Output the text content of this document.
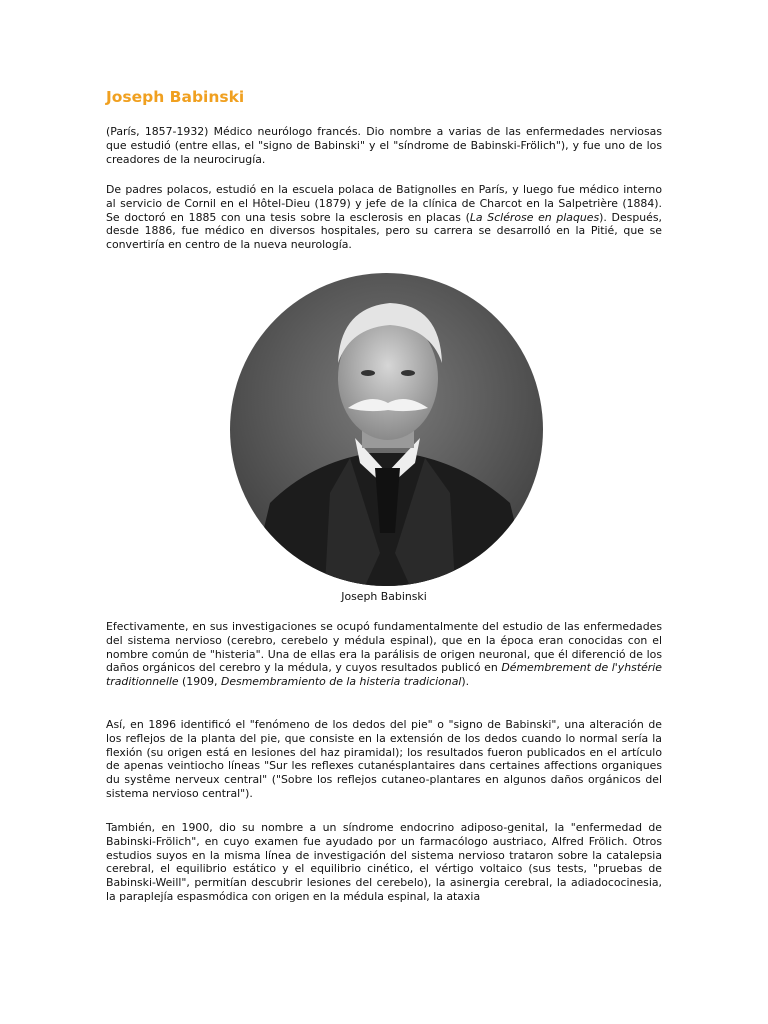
Joseph Babinski

(París, 1857-1932) Médico neurólogo francés. Dio nombre a varias de las enfermedades nerviosas que estudió (entre ellas, el "signo de Babinski" y el "síndrome de Babinski-Frölich"), y fue uno de los creadores de la neurocirugía.

De padres polacos, estudió en la escuela polaca de Batignolles en París, y luego fue médico interno al servicio de Cornil en el Hôtel-Dieu (1879) y jefe de la clínica de Charcot en la Salpetrière (1884). Se doctoró en 1885 con una tesis sobre la esclerosis en placas (La Sclérose en plaques). Después, desde 1886, fue médico en diversos hospitales, pero su carrera se desarrolló en la Pitié, que se convertiría en centro de la nueva neurología.

Joseph Babinski

Efectivamente, en sus investigaciones se ocupó fundamentalmente del estudio de las enfermedades del sistema nervioso (cerebro, cerebelo y médula espinal), que en la época eran conocidas con el nombre común de "histeria". Una de ellas era la parálisis de origen neuronal, que él diferenció de los daños orgánicos del cerebro y la médula, y cuyos resultados publicó en Démembrement de l'yhstérie traditionnelle (1909, Desmembramiento de la histeria tradicional).

Así, en 1896 identificó el "fenómeno de los dedos del pie" o "signo de Babinski", una alteración de los reflejos de la planta del pie, que consiste en la extensión de los dedos cuando lo normal sería la flexión (su origen está en lesiones del haz piramidal); los resultados fueron publicados en el artículo de apenas veintiocho líneas "Sur les reflexes cutanésplantaires dans certaines affections organiques du systême nerveux central" ("Sobre los reflejos cutaneo-plantares en algunos daños orgánicos del sistema nervioso central").

También, en 1900, dio su nombre a un síndrome endocrino adiposo-genital, la "enfermedad de Babinski-Frölich", en cuyo examen fue ayudado por un farmacólogo austriaco, Alfred Frölich. Otros estudios suyos en la misma línea de investigación del sistema nervioso trataron sobre la catalepsia cerebral, el equilibrio estático y el equilibrio cinético, el vértigo voltaico (sus tests, "pruebas de Babinski-Weill", permitían descubrir lesiones del cerebelo), la asinergia cerebral, la adiadococinesia, la paraplejía espasmódica con origen en la médula espinal, la ataxia
